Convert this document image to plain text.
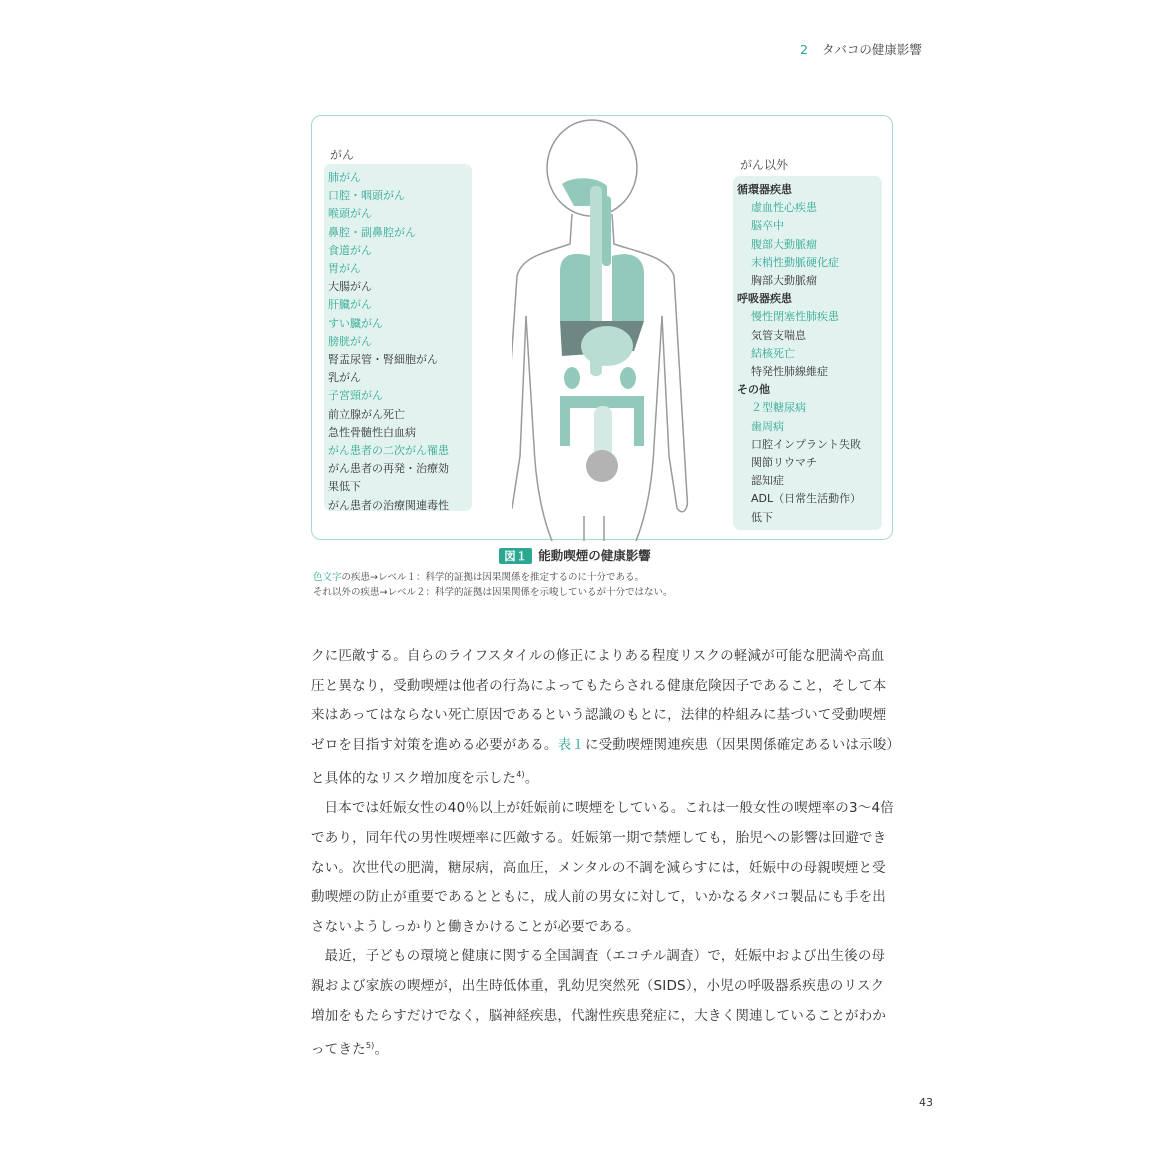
2 タバコの健康影響
がん
肺がん
口腔・咽頭がん
喉頭がん
鼻腔・副鼻腔がん
食道がん
胃がん
大腸がん
肝臓がん
すい臓がん
膀胱がん
腎盂尿管・腎細胞がん
乳がん
子宮頸がん
前立腺がん死亡
急性骨髄性白血病
がん患者の二次がん罹患
がん患者の再発・治療効
果低下
がん患者の治療関連毒性
がん以外
循環器疾患
虚血性心疾患
脳卒中
腹部大動脈瘤
末梢性動脈硬化症
胸部大動脈瘤
呼吸器疾患
慢性閉塞性肺疾患
気管支喘息
結核死亡
特発性肺線維症
その他
２型糖尿病
歯周病
口腔インプラント失敗
関節リウマチ
認知症
ADL（日常生活動作）
低下
図１ 能動喫煙の健康影響
色文字の疾患→レベル１：科学的証拠は因果関係を推定するのに十分である。
それ以外の疾患→レベル２：科学的証拠は因果関係を示唆しているが十分ではない。

クに匹敵する。自らのライフスタイルの修正によりある程度リスクの軽減が可能な肥満や高血圧と異なり，受動喫煙は他者の行為によってもたらされる健康危険因子であること，そして本来はあってはならない死亡原因であるという認識のもとに，法律的枠組みに基づいて受動喫煙ゼロを目指す対策を進める必要がある。表１に受動喫煙関連疾患（因果関係確定あるいは示唆）と具体的なリスク増加度を示した$^{4)}$。

日本では妊娠女性の40％以上が妊娠前に喫煙をしている。これは一般女性の喫煙率の3～4倍であり，同年代の男性喫煙率に匹敵する。妊娠第一期で禁煙しても，胎児への影響は回避できない。次世代の肥満，糖尿病，高血圧，メンタルの不調を減らすには，妊娠中の母親喫煙と受動喫煙の防止が重要であるとともに，成人前の男女に対して，いかなるタバコ製品にも手を出さないようしっかりと働きかけることが必要である。

最近，子どもの環境と健康に関する全国調査（エコチル調査）で，妊娠中および出生後の母親および家族の喫煙が，出生時低体重，乳幼児突然死（SIDS），小児の呼吸器系疾患のリスク増加をもたらすだけでなく，脳神経疾患，代謝性疾患発症に，大きく関連していることがわかってきた$^{5)}$。

43
